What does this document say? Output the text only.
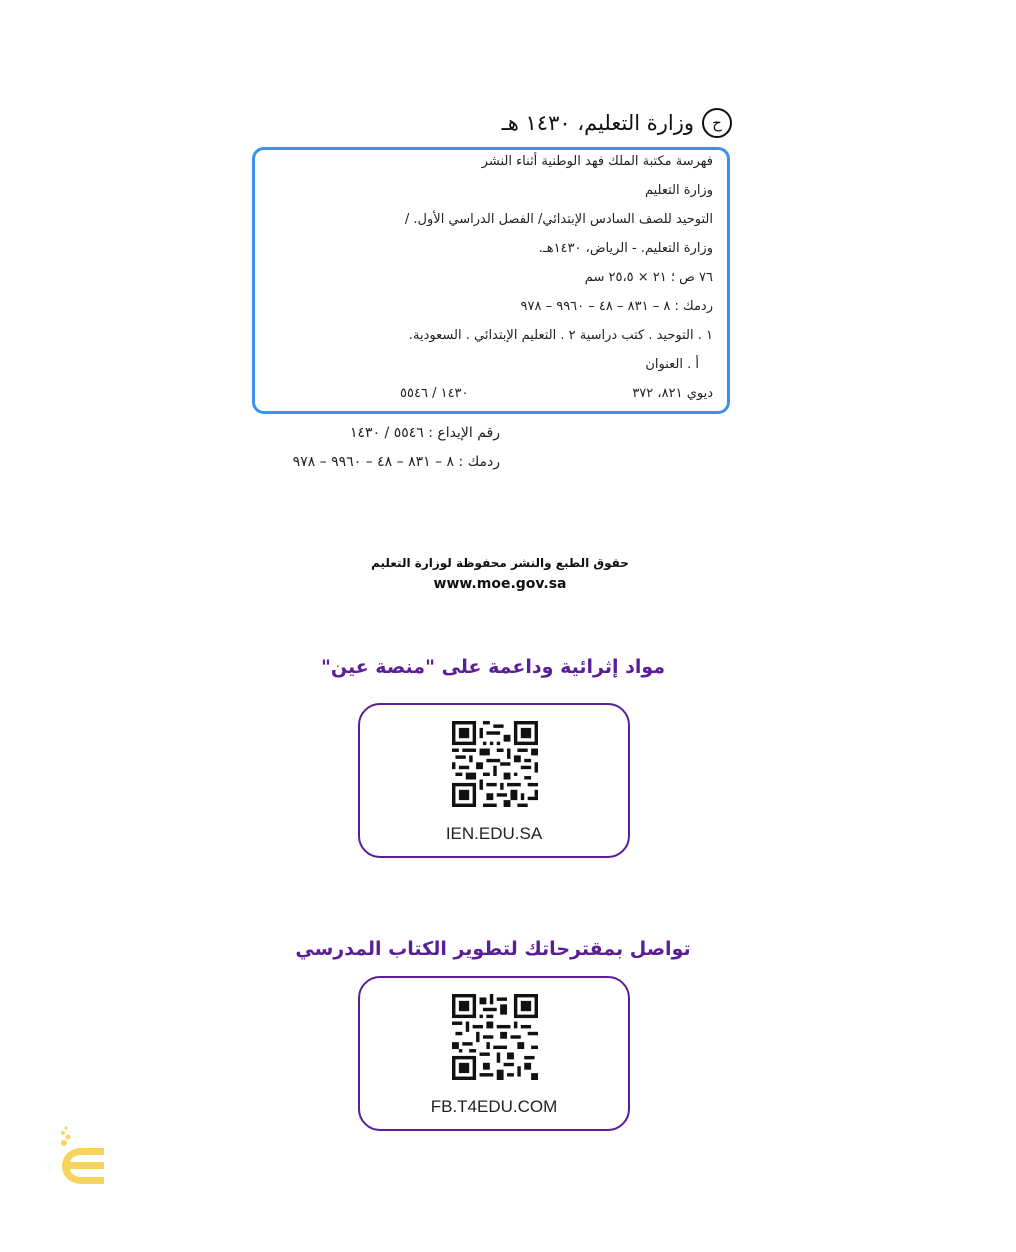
ح
وزارة التعليم، ١٤٣٠ هـ
فهرسة مكتبة الملك فهد الوطنية أثناء النشر
وزارة التعليم
التوحيد للصف السادس الإبتدائي/ الفصل الدراسي الأول. /
وزارة التعليم. - الرياض، ١٤٣٠هـ.
٧٦ ص ؛ ٢١ × ٢٥،٥ سم
ردمك : ٨ – ٨٣١ – ٤٨ – ٩٩٦٠ – ٩٧٨
١ . التوحيد . كتب دراسية ٢ . التعليم الإبتدائي . السعودية.
أ . العنوان
ديوي ٨٢١، ٣٧٢
١٤٣٠ / ٥٥٤٦
رقم الإيداع : ٥٥٤٦ / ١٤٣٠
ردمك : ٨ – ٨٣١ – ٤٨ – ٩٩٦٠ – ٩٧٨
حقوق الطبع والنشر محفوظة لوزارة التعليم
www.moe.gov.sa
مواد إثرائية وداعمة على "منصة عين"
IEN.EDU.SA
تواصل بمقترحاتك لتطوير الكتاب المدرسي
FB.T4EDU.COM
